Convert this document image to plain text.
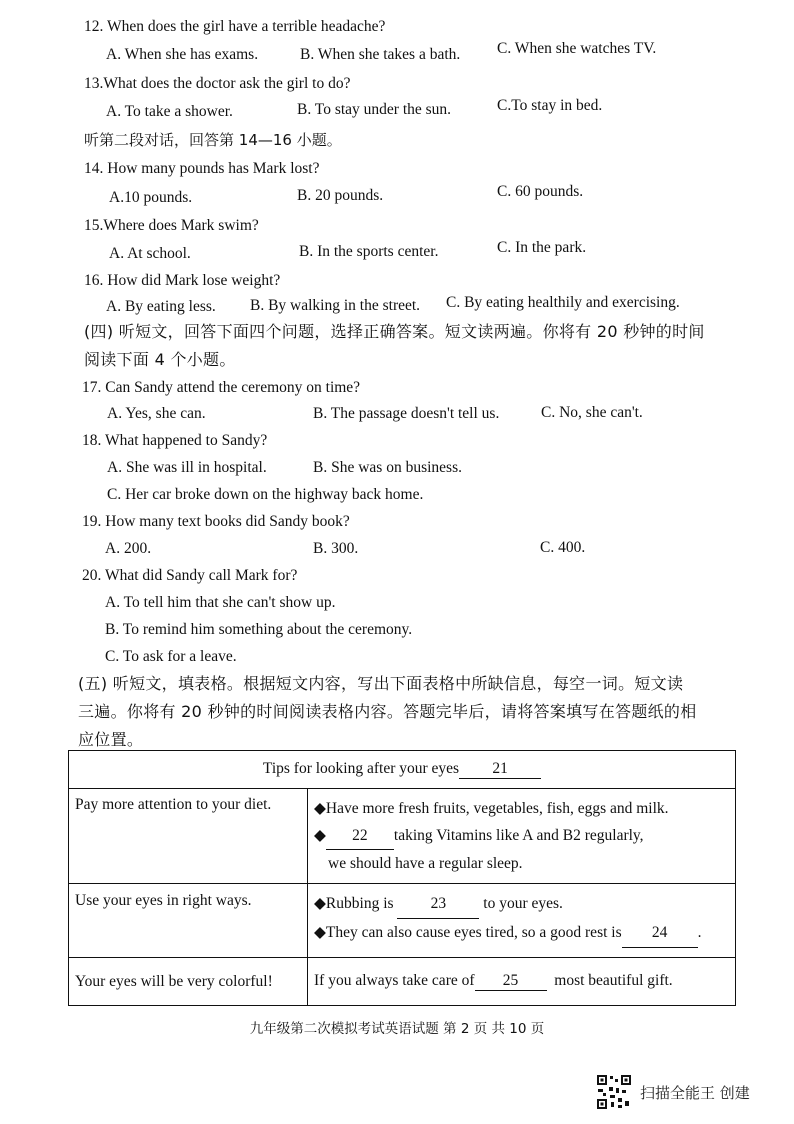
12. When does the girl have a terrible headache?
A. When she has exams.	B. When she takes a bath. C. When she watches TV.
13.What does the doctor ask the girl to do?
A. To take a shower.	B. To stay under the sun.	C.To stay in bed.
听第二段对话，回答第 14—16 小题。
14. How many pounds has Mark lost?
A.10 pounds.	B. 20 pounds.	C. 60 pounds.
15.Where does Mark swim?
A. At school.	B. In the sports center.	C. In the park.
16. How did Mark lose weight?
A. By eating less. B. By walking in the street. C. By eating healthily and exercising.
(四) 听短文，回答下面四个问题，选择正确答案。短文读两遍。你将有 20 秒钟的时间
阅读下面 4 个小题。
17. Can Sandy attend the ceremony on time?
A. Yes, she can.	B. The passage doesn't tell us.	C. No, she can't.
18. What happened to Sandy?
A. She was ill in hospital.	B. She was on business.
C. Her car broke down on the highway back home.
19. How many text books did Sandy book?
A. 200.	B. 300.	C. 400.
20. What did Sandy call Mark for?
A. To tell him that she can't show up.
B. To remind him something about the ceremony.
C. To ask for a leave.
(五) 听短文，填表格。根据短文内容，写出下面表格中所缺信息，每空一词。短文读
三遍。你将有 20 秒钟的时间阅读表格内容。答题完毕后，请将答案填写在答题纸的相
应位置。
Tips for looking after your eyes 21	
Pay more attention to your diet.	◆Have more fresh fruits, vegetables, fish, eggs and milk.
◆ 22 taking Vitamins like A and B2 regularly,
we should have a regular sleep.

Use your eyes in right ways.	◆Rubbing is 23 to your eyes.
◆They can also cause eyes tired, so a good rest is 24 .

Your eyes will be very colorful!	If you always take care of 25 most beautiful gift.
九年级第二次模拟考试英语试题 第 2 页 共 10 页
扫描全能王 创建
